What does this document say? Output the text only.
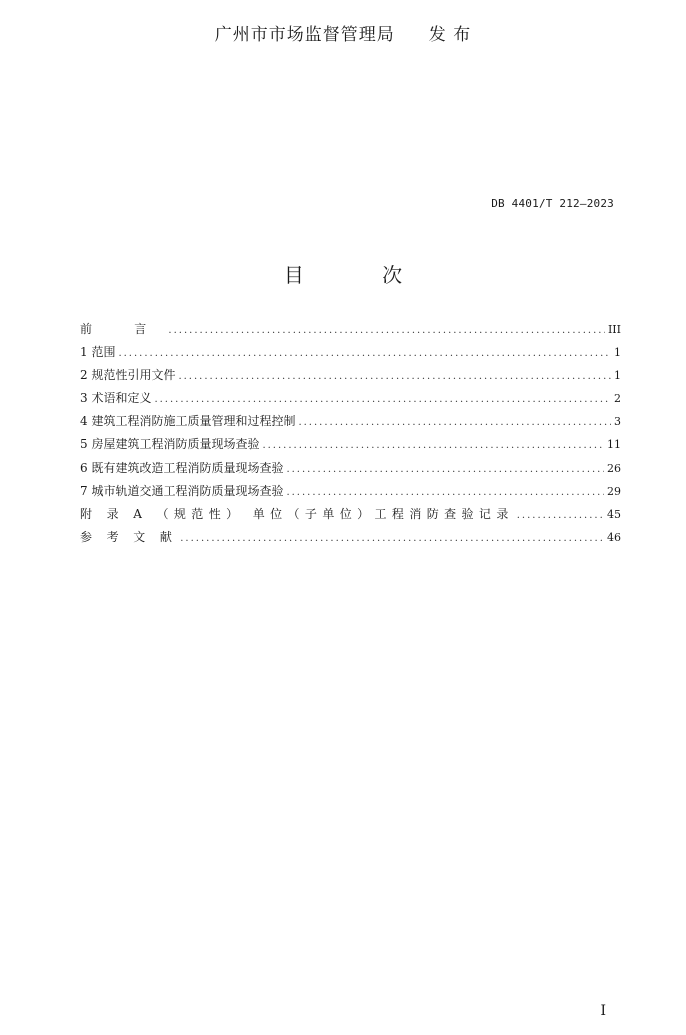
广州市市场监督管理局 发 布
DB 4401/T 212—2023
目 次
前 言 .....	III
1 范围 .....	1
2 规范性引用文件 .....	1
3 术语和定义 .....	2
4 建筑工程消防施工质量管理和过程控制 .....	3
5 房屋建筑工程消防质量现场查验 .....	11
6 既有建筑改造工程消防质量现场查验 .....	26
7 城市轨道交通工程消防质量现场查验 .....	29
附 录 A （规范性） 单位（子单位）工程消防查验记录 .....	45
参 考 文 献 .....	46
I
